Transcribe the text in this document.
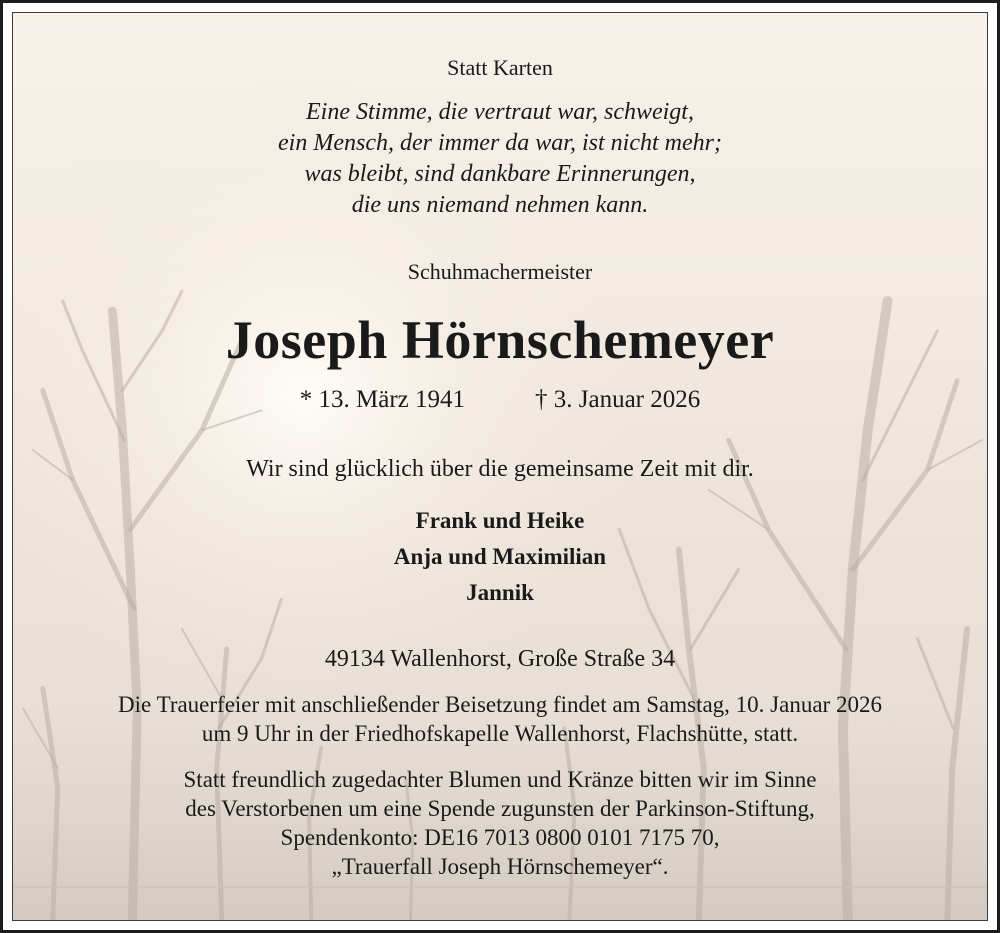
Statt Karten
Eine Stimme, die vertraut war, schweigt,
ein Mensch, der immer da war, ist nicht mehr;
was bleibt, sind dankbare Erinnerungen,
die uns niemand nehmen kann.
Schuhmachermeister
Joseph Hörnschemeyer
* 13. März 1941	† 3. Januar 2026
Wir sind glücklich über die gemeinsame Zeit mit dir.
Frank und Heike
Anja und Maximilian
Jannik
49134 Wallenhorst, Große Straße 34
Die Trauerfeier mit anschließender Beisetzung findet am Samstag, 10. Januar 2026
um 9 Uhr in der Friedhofskapelle Wallenhorst, Flachshütte, statt.
Statt freundlich zugedachter Blumen und Kränze bitten wir im Sinne
des Verstorbenen um eine Spende zugunsten der Parkinson-Stiftung,
Spendenkonto: DE16 7013 0800 0101 7175 70,
„Trauerfall Joseph Hörnschemeyer“.
